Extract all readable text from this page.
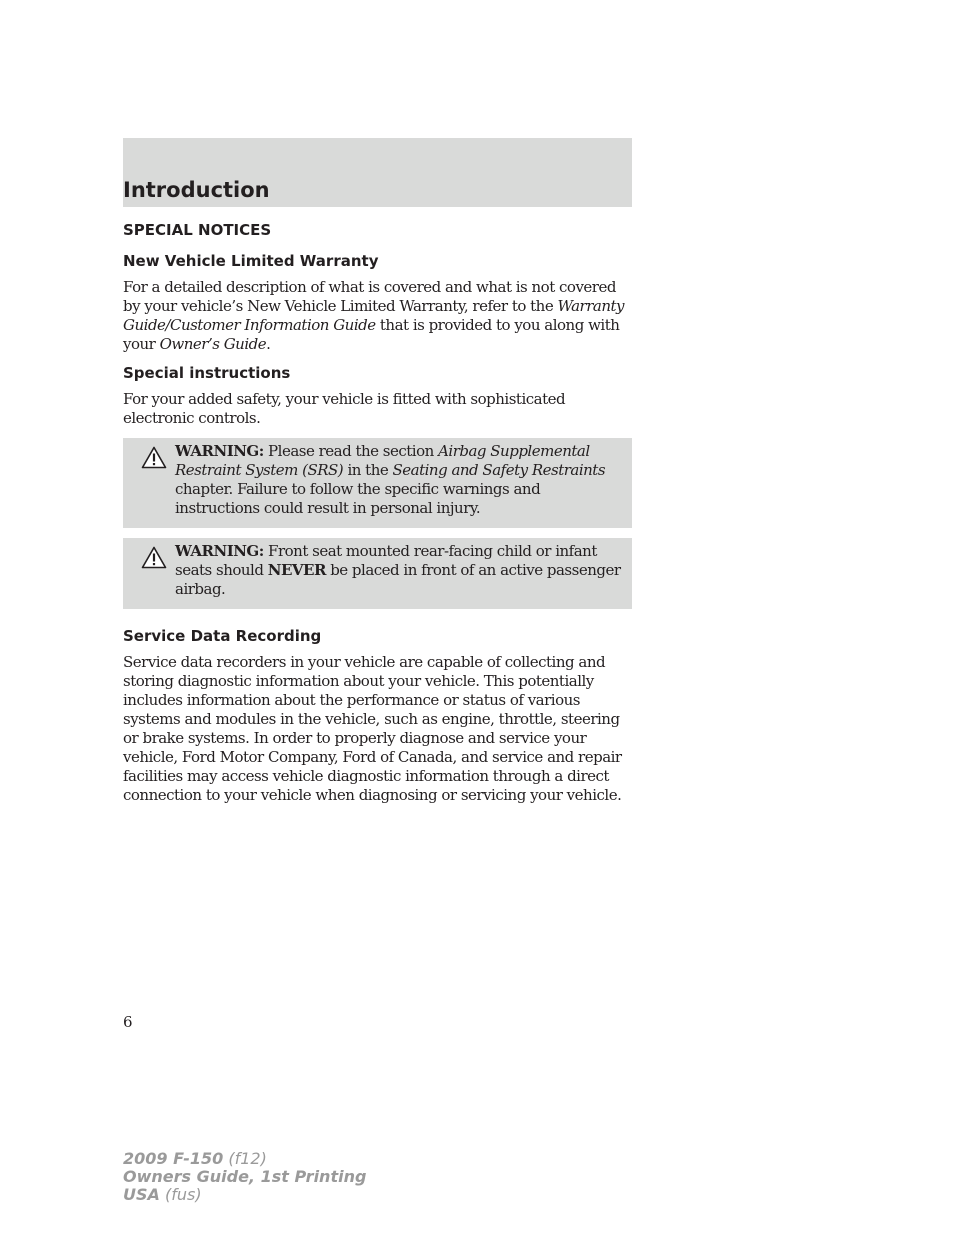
Introduction
SPECIAL NOTICES
New Vehicle Limited Warranty

For a detailed description of what is covered and what is not covered by your vehicle’s New Vehicle Limited Warranty, refer to the Warranty Guide/Customer Information Guide that is provided to you along with your Owner’s Guide.

Special instructions

For your added safety, your vehicle is fitted with sophisticated electronic controls.

WARNING: Please read the section Airbag Supplemental Restraint System (SRS) in the Seating and Safety Restraints chapter. Failure to follow the specific warnings and instructions could result in personal injury.
WARNING: Front seat mounted rear-facing child or infant seats should NEVER be placed in front of an active passenger airbag.
Service Data Recording

Service data recorders in your vehicle are capable of collecting and storing diagnostic information about your vehicle. This potentially includes information about the performance or status of various systems and modules in the vehicle, such as engine, throttle, steering or brake systems. In order to properly diagnose and service your vehicle, Ford Motor Company, Ford of Canada, and service and repair facilities may access vehicle diagnostic information through a direct connection to your vehicle when diagnosing or servicing your vehicle.

6
2009 F-150 (f12)
Owners Guide, 1st Printing
USA (fus)
